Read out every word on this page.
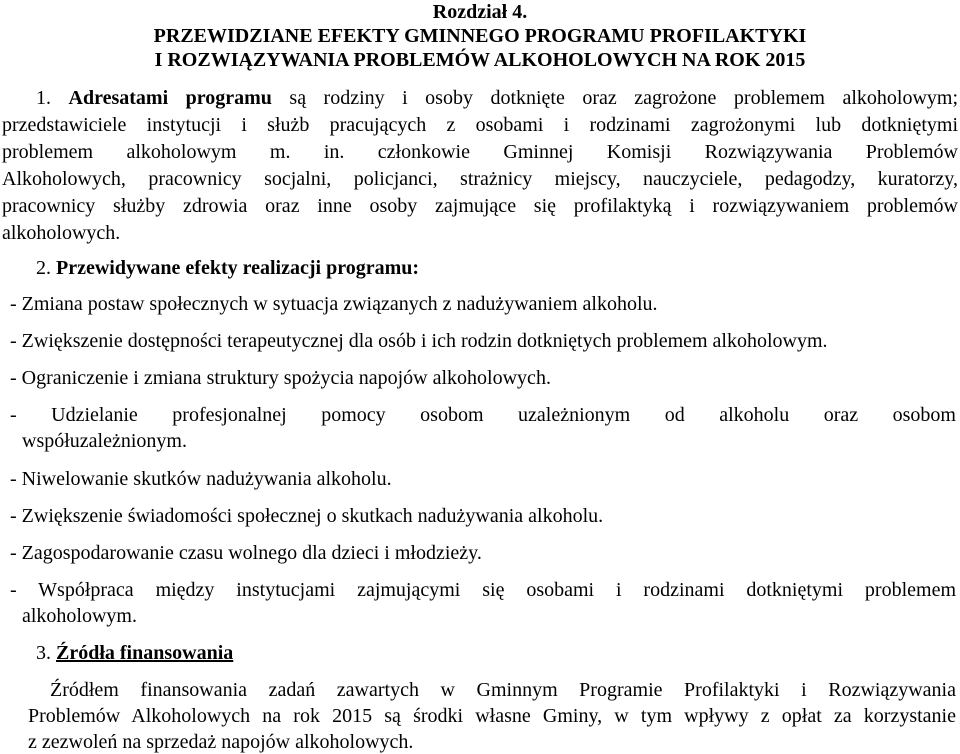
Rozdział 4.
PRZEWIDZIANE EFEKTY GMINNEGO PROGRAMU PROFILAKTYKI
I ROZWIĄZYWANIA PROBLEMÓW ALKOHOLOWYCH NA ROK 2015
1. Adresatami programu są rodziny i osoby dotknięte oraz zagrożone problemem alkoholowym;
przedstawiciele instytucji i służb pracujących z osobami i rodzinami zagrożonymi lub dotkniętymi
problemem alkoholowym m. in. członkowie Gminnej Komisji Rozwiązywania Problemów
Alkoholowych, pracownicy socjalni, policjanci, strażnicy miejscy, nauczyciele, pedagodzy, kuratorzy,
pracownicy służby zdrowia oraz inne osoby zajmujące się profilaktyką i rozwiązywaniem problemów
alkoholowych.
2. Przewidywane efekty realizacji programu:
- Zmiana postaw społecznych w sytuacja związanych z nadużywaniem alkoholu.
- Zwiększenie dostępności terapeutycznej dla osób i ich rodzin dotkniętych problemem alkoholowym.
- Ograniczenie i zmiana struktury spożycia napojów alkoholowych.
- Udzielanie profesjonalnej pomocy osobom uzależnionym od alkoholu oraz osobom
współuzależnionym.
- Niwelowanie skutków nadużywania alkoholu.
- Zwiększenie świadomości społecznej o skutkach nadużywania alkoholu.
- Zagospodarowanie czasu wolnego dla dzieci i młodzieży.
- Współpraca między instytucjami zajmującymi się osobami i rodzinami dotkniętymi problemem
alkoholowym.
3. Źródła finansowania
Źródłem finansowania zadań zawartych w Gminnym Programie Profilaktyki i Rozwiązywania
Problemów Alkoholowych na rok 2015 są środki własne Gminy, w tym wpływy z opłat za korzystanie
z zezwoleń na sprzedaż napojów alkoholowych.
